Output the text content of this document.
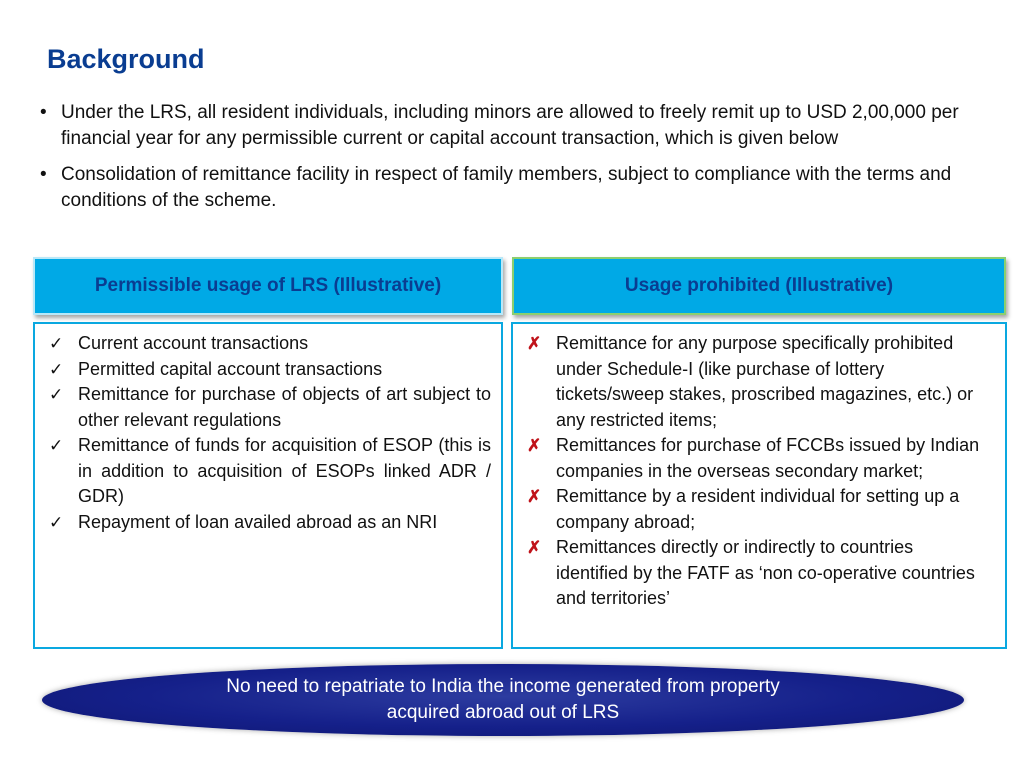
Background
• Under the LRS, all resident individuals, including minors are allowed to freely remit up to USD 2,00,000 per financial year for any permissible current or capital account transaction, which is given below
• Consolidation of remittance facility in respect of family members, subject to compliance with the terms and conditions of the scheme.
Permissible usage of LRS (Illustrative)	Usage prohibited (Illustrative)
✓ Current account transactions
✓ Permitted capital account transactions
✓ Remittance for purchase of objects of art subject to other relevant regulations
✓ Remittance of funds for acquisition of ESOP (this is in addition to acquisition of ESOPs linked ADR / GDR)
✓ Repayment of loan availed abroad as an NRI
✗ Remittance for any purpose specifically prohibited under Schedule-I (like purchase of lottery tickets/sweep stakes, proscribed magazines, etc.) or any restricted items;
✗ Remittances for purchase of FCCBs issued by Indian companies in the overseas secondary market;
✗ Remittance by a resident individual for setting up a company abroad;
✗ Remittances directly or indirectly to countries identified by the FATF as ‘non co-operative countries and territories’
No need to repatriate to India the income generated from property acquired abroad out of LRS
